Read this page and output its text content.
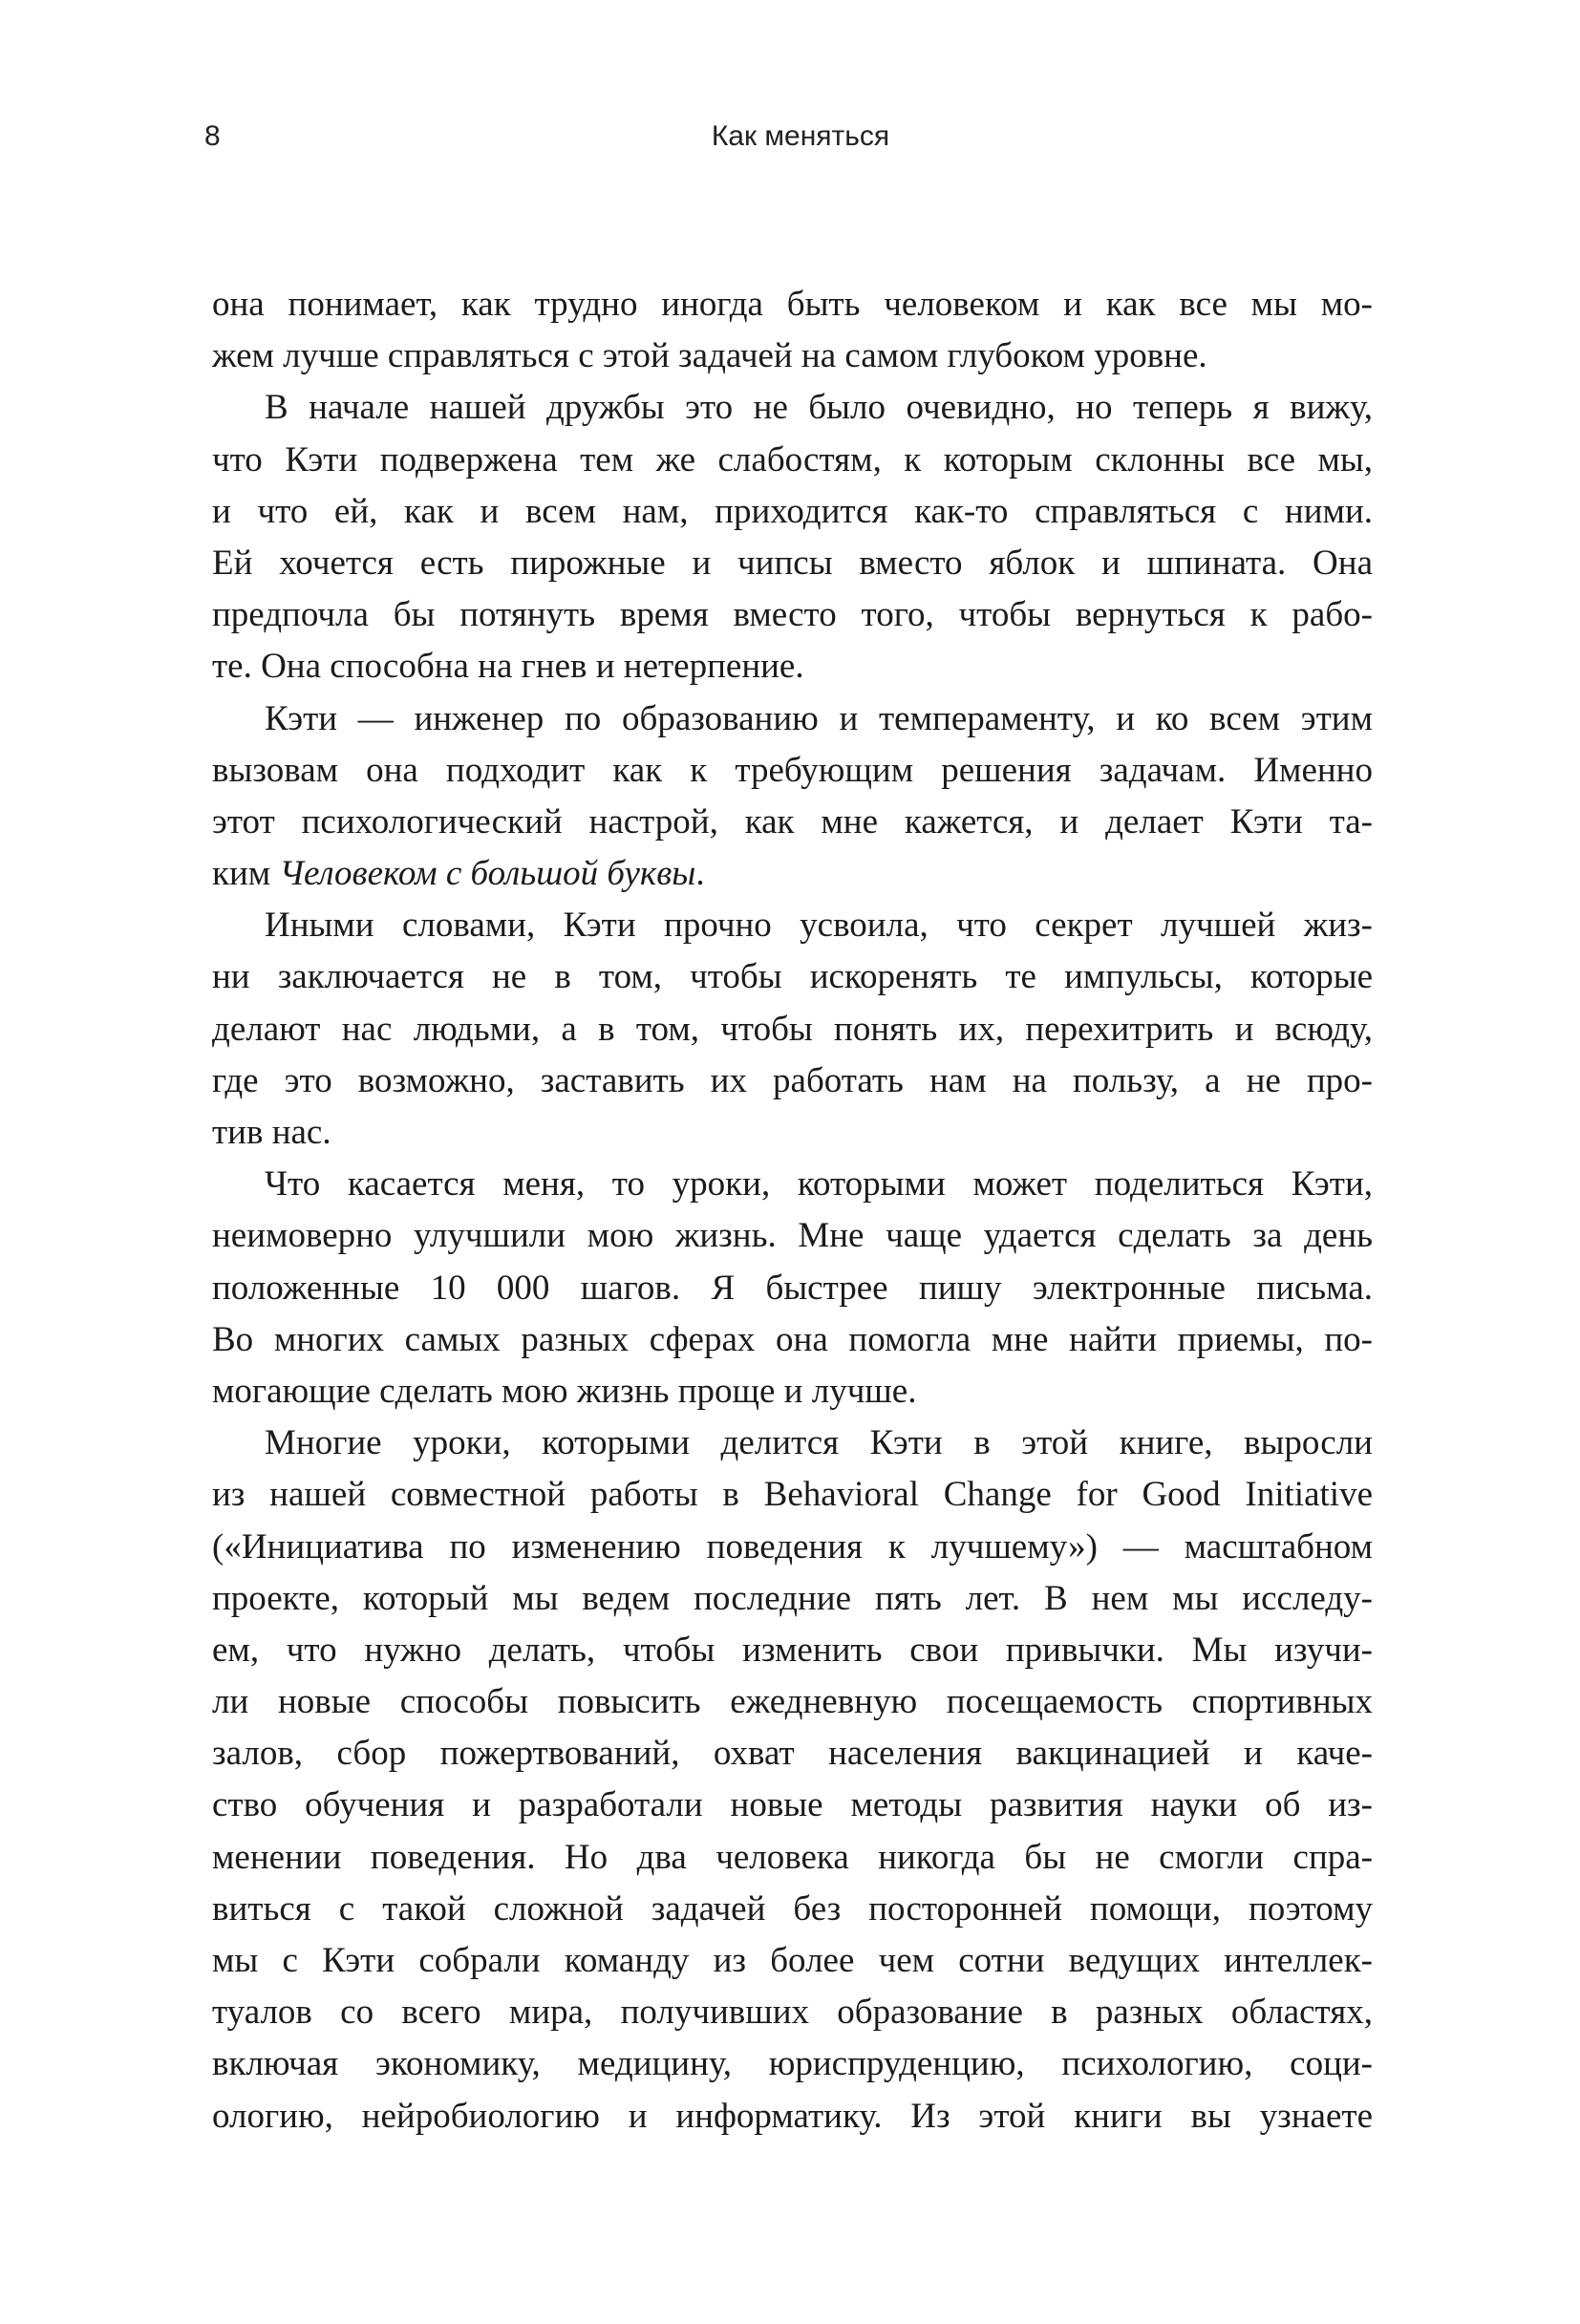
8	Как меняться
она понимает, как трудно иногда быть человеком и как все мы мо-
жем лучше справляться с этой задачей на самом глубоком уровне.
В начале нашей дружбы это не было очевидно, но теперь я вижу,
что Кэти подвержена тем же слабостям, к которым склонны все мы,
и что ей, как и всем нам, приходится как-то справляться с ними.
Ей хочется есть пирожные и чипсы вместо яблок и шпината. Она
предпочла бы потянуть время вместо того, чтобы вернуться к рабо-
те. Она способна на гнев и нетерпение.
Кэти — инженер по образованию и темпераменту, и ко всем этим
вызовам она подходит как к требующим решения задачам. Именно
этот психологический настрой, как мне кажется, и делает Кэти та-
ким Человеком с большой буквы.
Иными словами, Кэти прочно усвоила, что секрет лучшей жиз-
ни заключается не в том, чтобы искоренять те импульсы, которые
делают нас людьми, а в том, чтобы понять их, перехитрить и всюду,
где это возможно, заставить их работать нам на пользу, а не про-
тив нас.
Что касается меня, то уроки, которыми может поделиться Кэти,
неимоверно улучшили мою жизнь. Мне чаще удается сделать за день
положенные 10 000 шагов. Я быстрее пишу электронные письма.
Во многих самых разных сферах она помогла мне найти приемы, по-
могающие сделать мою жизнь проще и лучше.
Многие уроки, которыми делится Кэти в этой книге, выросли
из нашей совместной работы в Behavioral Change for Good Initiative
(«Инициатива по изменению поведения к лучшему») — масштабном
проекте, который мы ведем последние пять лет. В нем мы исследу-
ем, что нужно делать, чтобы изменить свои привычки. Мы изучи-
ли новые способы повысить ежедневную посещаемость спортивных
залов, сбор пожертвований, охват населения вакцинацией и каче-
ство обучения и разработали новые методы развития науки об из-
менении поведения. Но два человека никогда бы не смогли спра-
виться с такой сложной задачей без посторонней помощи, поэтому
мы с Кэти собрали команду из более чем сотни ведущих интеллек-
туалов со всего мира, получивших образование в разных областях,
включая экономику, медицину, юриспруденцию, психологию, соци-
ологию, нейробиологию и информатику. Из этой книги вы узнаете
